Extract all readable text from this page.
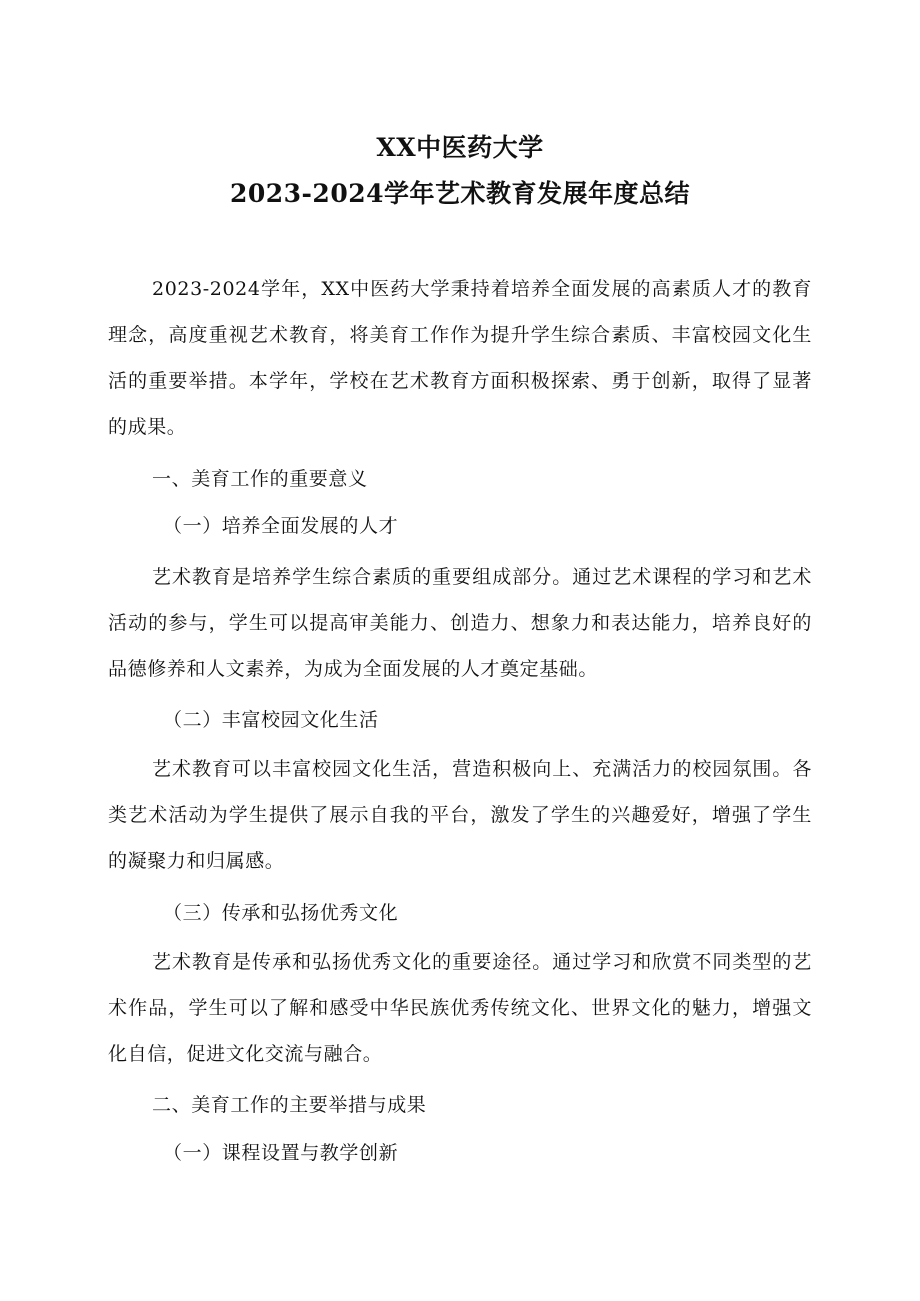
XX中医药大学
2023-2024学年艺术教育发展年度总结

2023-2024学年，XX中医药大学秉持着培养全面发展的高素质人才的教育理念，高度重视艺术教育，将美育工作作为提升学生综合素质、丰富校园文化生活的重要举措。本学年，学校在艺术教育方面积极探索、勇于创新，取得了显著的成果。

一、美育工作的重要意义

（一）培养全面发展的人才

艺术教育是培养学生综合素质的重要组成部分。通过艺术课程的学习和艺术活动的参与，学生可以提高审美能力、创造力、想象力和表达能力，培养良好的品德修养和人文素养，为成为全面发展的人才奠定基础。

（二）丰富校园文化生活

艺术教育可以丰富校园文化生活，营造积极向上、充满活力的校园氛围。各类艺术活动为学生提供了展示自我的平台，激发了学生的兴趣爱好，增强了学生的凝聚力和归属感。

（三）传承和弘扬优秀文化

艺术教育是传承和弘扬优秀文化的重要途径。通过学习和欣赏不同类型的艺术作品，学生可以了解和感受中华民族优秀传统文化、世界文化的魅力，增强文化自信，促进文化交流与融合。

二、美育工作的主要举措与成果

（一）课程设置与教学创新
